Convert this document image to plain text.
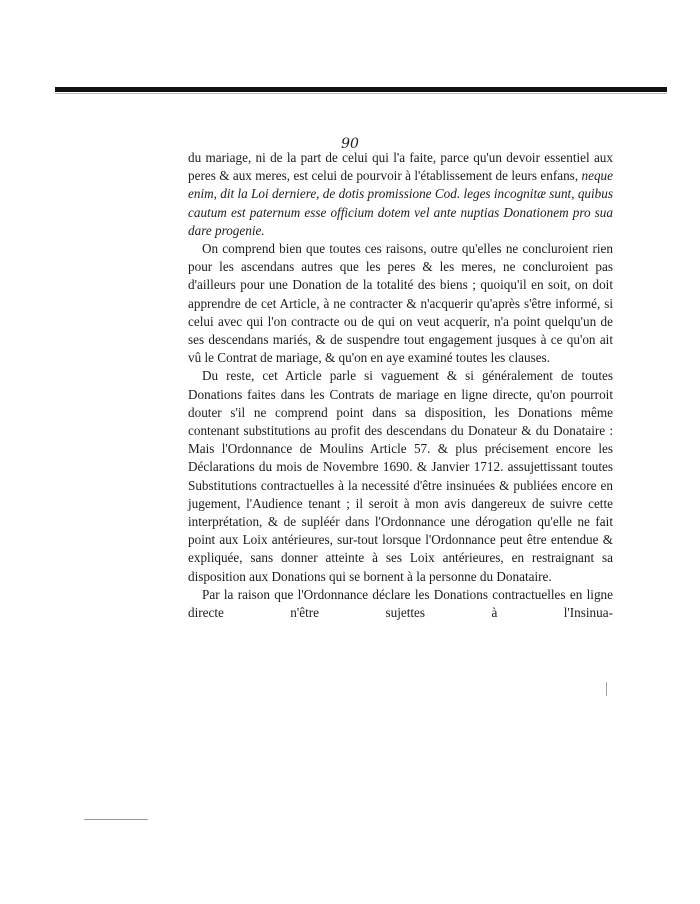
90

du mariage, ni de la part de celui qui l'a faite, parce qu'un devoir essentiel aux peres & aux meres, est celui de pourvoir à l'établissement de leurs enfans, neque enim, dit la Loi derniere, de dotis promissione Cod. leges incognitæ sunt, quibus cautum est paternum esse officium dotem vel ante nuptias Donationem pro sua dare progenie.

On comprend bien que toutes ces raisons, outre qu'elles ne concluroient rien pour les ascendans autres que les peres & les meres, ne concluroient pas d'ailleurs pour une Donation de la totalité des biens ; quoiqu'il en soit, on doit apprendre de cet Article, à ne contracter & n'acquerir qu'après s'être informé, si celui avec qui l'on contracte ou de qui on veut acquerir, n'a point quelqu'un de ses descendans mariés, & de suspendre tout engagement jusques à ce qu'on ait vû le Contrat de mariage, & qu'on en aye examiné toutes les clauses.

Du reste, cet Article parle si vaguement & si généralement de toutes Donations faites dans les Contrats de mariage en ligne directe, qu'on pourroit douter s'il ne comprend point dans sa disposition, les Donations même contenant substitutions au profit des descendans du Donateur & du Donataire : Mais l'Ordonnance de Moulins Article 57. & plus précisement encore les Déclarations du mois de Novembre 1690. & Janvier 1712. assujettissant toutes Substitutions contractuelles à la necessité d'être insinuées & publiées encore en jugement, l'Audience tenant ; il seroit à mon avis dangereux de suivre cette interprétation, & de supléér dans l'Ordonnance une dérogation qu'elle ne fait point aux Loix antérieures, sur-tout lorsque l'Ordonnance peut être entendue & expliquée, sans donner atteinte à ses Loix antérieures, en restraignant sa disposition aux Donations qui se bornent à la personne du Donataire.

Par la raison que l'Ordonnance déclare les Donations contractuelles en ligne directe n'être sujettes à l'Insinua-
